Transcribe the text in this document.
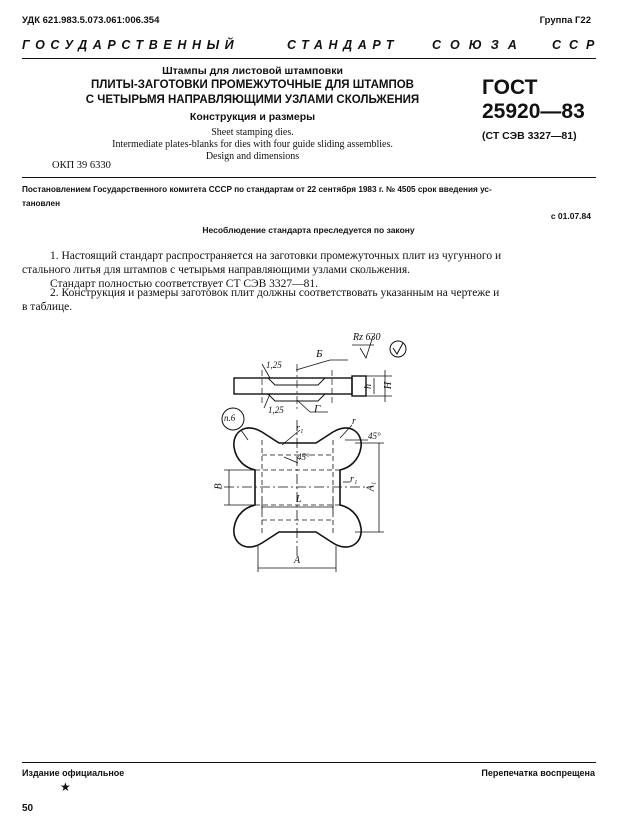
УДК 621.983.5.073.061:006.354	Группа Г22
ГОСУДАРСТВЕННЫЙ	СТАНДАРТ	СОЮЗА ССР
Штампы для листовой штамповки
ПЛИТЫ-ЗАГОТОВКИ ПРОМЕЖУТОЧНЫЕ ДЛЯ ШТАМПОВ
С ЧЕТЫРЬМЯ НАПРАВЛЯЮЩИМИ УЗЛАМИ СКОЛЬЖЕНИЯ
Конструкция и размеры
Sheet stamping dies.
Intermediate plates-blanks for dies with four guide sliding assemblies.
Design and dimensions
ГОСТ
25920—83
(СТ СЭВ 3327—81)
ОКП 39 6330
Постановлением Государственного комитета СССР по стандартам от 22 сентября 1983 г. № 4505 срок введения ус-
тановлен
с 01.07.84
Несоблюдение стандарта преследуется по закону
1. Настоящий стандарт распространяется на заготовки промежуточных плит из чугунного и
стального литья для штампов с четырьмя направляющими узлами скольжения.
Стандарт полностью соответствует СТ СЭВ 3327—81.
2. Конструкция и размеры заготовок плит должны соответствовать указанным на чертеже и
в таблице.
Rz 630
Б
1,25
1,25	Г
H
h
п.6
r₁
r
45°
45°
r₁
B	A₁
L
A
Издание официальное
★
Перепечатка воспрещена
50
